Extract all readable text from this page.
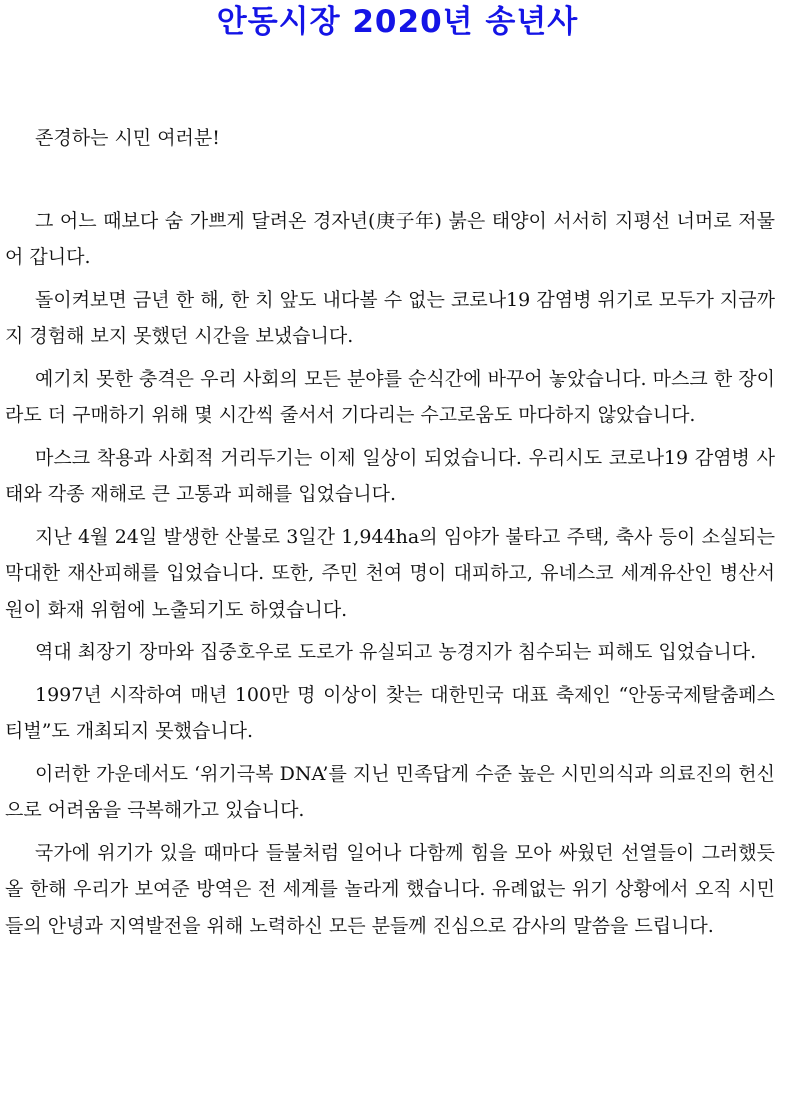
안동시장 2020년 송년사

존경하는 시민 여러분!

그 어느 때보다 숨 가쁘게 달려온 경자년(庚子年) 붉은 태양이 서서히 지평선 너머로 저물어 갑니다.

돌이켜보면 금년 한 해, 한 치 앞도 내다볼 수 없는 코로나19 감염병 위기로 모두가 지금까지 경험해 보지 못했던 시간을 보냈습니다.

예기치 못한 충격은 우리 사회의 모든 분야를 순식간에 바꾸어 놓았습니다. 마스크 한 장이라도 더 구매하기 위해 몇 시간씩 줄서서 기다리는 수고로움도 마다하지 않았습니다.

마스크 착용과 사회적 거리두기는 이제 일상이 되었습니다. 우리시도 코로나19 감염병 사태와 각종 재해로 큰 고통과 피해를 입었습니다.

지난 4월 24일 발생한 산불로 3일간 1,944ha의 임야가 불타고 주택, 축사 등이 소실되는 막대한 재산피해를 입었습니다. 또한, 주민 천여 명이 대피하고, 유네스코 세계유산인 병산서원이 화재 위험에 노출되기도 하였습니다.

역대 최장기 장마와 집중호우로 도로가 유실되고 농경지가 침수되는 피해도 입었습니다.

1997년 시작하여 매년 100만 명 이상이 찾는 대한민국 대표 축제인 “안동국제탈춤페스티벌”도 개최되지 못했습니다.

이러한 가운데서도 ‘위기극복 DNA’를 지닌 민족답게 수준 높은 시민의식과 의료진의 헌신으로 어려움을 극복해가고 있습니다.

국가에 위기가 있을 때마다 들불처럼 일어나 다함께 힘을 모아 싸웠던 선열들이 그러했듯 올 한해 우리가 보여준 방역은 전 세계를 놀라게 했습니다. 유례없는 위기 상황에서 오직 시민들의 안녕과 지역발전을 위해 노력하신 모든 분들께 진심으로 감사의 말씀을 드립니다.
